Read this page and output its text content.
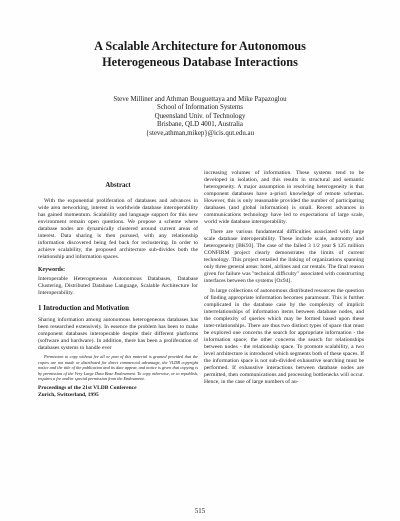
A Scalable Architecture for Autonomous
Heterogeneous Database Interactions
Steve Milliner and Athman Bouguettaya and Mike Papazoglou
School of Information Systems
Queensland Univ. of Technology
Brisbane, QLD 4001, Australia
{steve,athman,mikep}@icis.qut.edu.au
Abstract

With the exponential proliferation of databases and advances in wide area networking, interest in worldwide database interoperability has gained momentum. Scalability and language support for this new environment remain open questions. We propose a scheme where database nodes are dynamically clustered around current areas of interest. Data sharing is then pursued, with any relationship information discovered being fed back for reclustering. In order to achieve scalability, the proposed architecture sub-divides both the relationship and information spaces.

Keywords:

Interoperable Heterogeneous Autonomous Databases, Database Clustering, Distributed Database Language, Scalable Architecture for Interoperability.

1 Introduction and Motivation

Sharing information among autonomous heterogeneous databases has been researched extensively. In essence the problem has been to make component databases interoperable despite their different platforms (software and hardware). In addition, there has been a proliferation of databases systems to handle ever

Permission to copy without fee all or part of this material is granted provided that the copies are not made or distributed for direct commercial advantage, the VLDB copyright notice and the title of the publication and its date appear, and notice is given that copying is by permission of the Very Large Data Base Endowment. To copy otherwise, or to republish, requires a fee and/or special permission from the Endowment.

Proceedings of the 21st VLDB Conference
Zurich, Switzerland, 1995

increasing volumes of information. These systems tend to be developed in isolation, and this results in structural and semantic heterogeneity. A major assumption in resolving heterogeneity is that component databases have a-priori knowledge of remote schemas. However, this is only reasonable provided the number of participating databases (and global information) is small. Recent advances in communications technology have led to expectations of large scale, world wide database interoperability.

There are various fundamental difficulties associated with large scale database interoperability. These include scale, autonomy and heterogeneity [BK93]. The case of the failed 3 1/2 year $ 125 million CONFIRM project clearly demonstrates the limits of current technology. This project entailed the linking of organizations spanning only three general areas: hotel, airlines and car rentals. The final reason given for failure was "technical difficulty" associated with constructing interfaces between the systems [Oz94].

In large collections of autonomous distributed resources the question of finding appropriate information becomes paramount. This is further complicated in the database case by the complexity of implicit interrelationships of information items between database nodes, and the complexity of queries which may be formed based upon these inter-relationships. There are thus two distinct types of space that must be explored one concerns the search for appropriate information - the information space; the other concerns the search for relationships between nodes - the relationship space. To promote scalability, a two level architecture is introduced which segments both of these spaces. If the information space is not sub-divided exhaustive searching must be performed. If exhaustive interactions between database nodes are permitted, then communications and processing bottlenecks will occur. Hence, in the case of large numbers of au-

515
